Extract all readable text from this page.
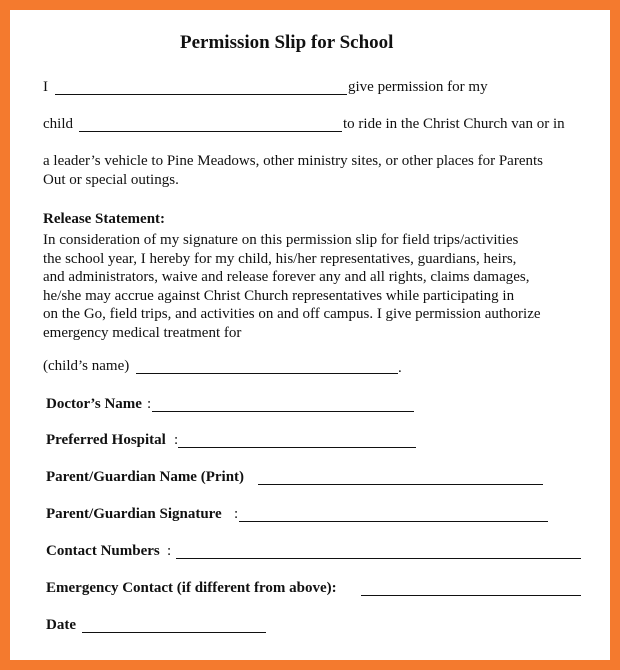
Permission Slip for School
I	give permission for my
child	to ride in the Christ Church van or in
a leader’s vehicle to Pine Meadows, other ministry sites, or other places for Parents
Out or special outings.
Release Statement:
In consideration of my signature on this permission slip for field trips/activities
the school year, I hereby for my child, his/her representatives, guardians, heirs,
and administrators, waive and release forever any and all rights, claims damages,
he/she may accrue against Christ Church representatives while participating in
on the Go, field trips, and activities on and off campus. I give permission authorize
emergency medical treatment for
(child’s name)	.
Doctor’s Name :
Preferred Hospital :
Parent/Guardian Name (Print)
Parent/Guardian Signature :
Contact Numbers :
Emergency Contact (if different from above):
Date
